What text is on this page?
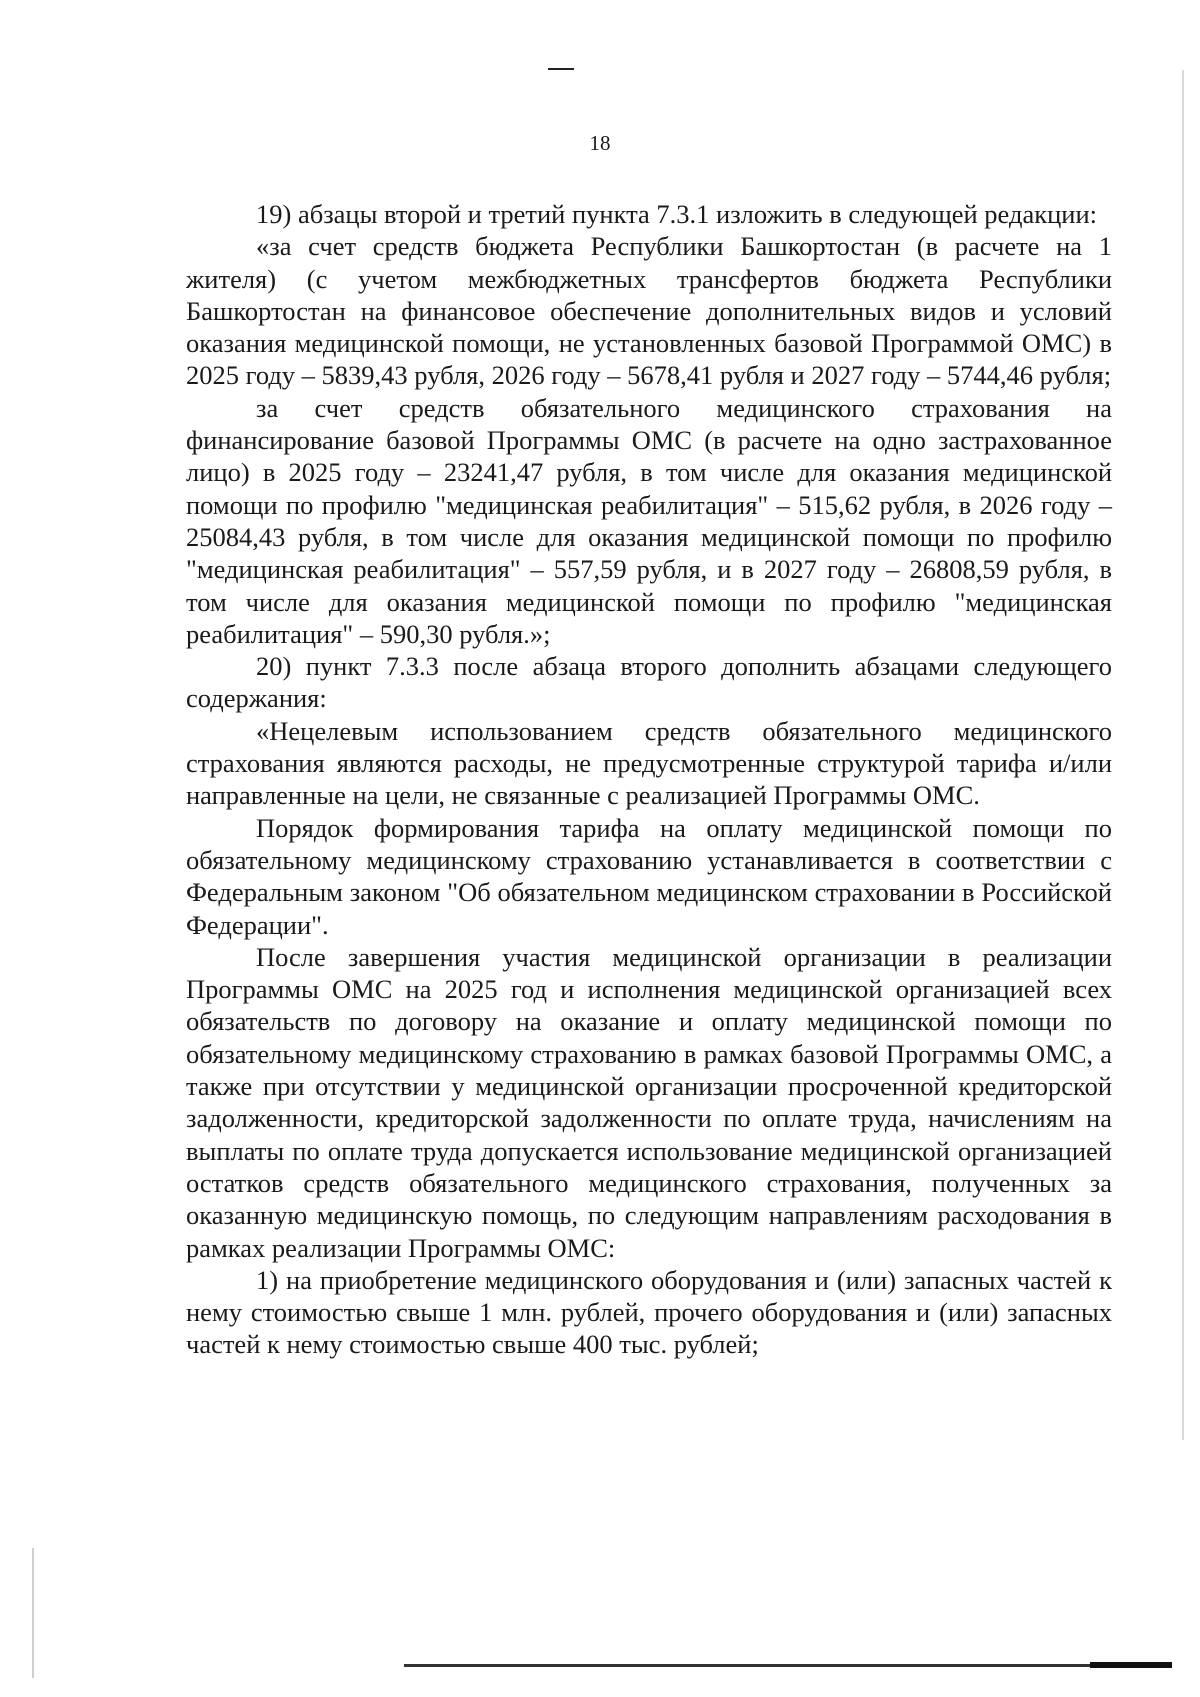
18

19) абзацы второй и третий пункта 7.3.1 изложить в следующей редакции:

«за счет средств бюджета Республики Башкортостан (в расчете на 1 жителя) (с учетом межбюджетных трансфертов бюджета Республики Башкортостан на финансовое обеспечение дополнительных видов и условий оказания медицинской помощи, не установленных базовой Программой ОМС) в 2025 году – 5839,43 рубля, 2026 году – 5678,41 рубля и 2027 году – 5744,46 рубля;

за счет средств обязательного медицинского страхования на финансирование базовой Программы ОМС (в расчете на одно застрахованное лицо) в 2025 году – 23241,47 рубля, в том числе для оказания медицинской помощи по профилю "медицинская реабилитация" – 515,62 рубля, в 2026 году – 25084,43 рубля, в том числе для оказания медицинской помощи по профилю "медицинская реабилитация" – 557,59 рубля, и в 2027 году – 26808,59 рубля, в том числе для оказания медицинской помощи по профилю "медицинская реабилитация" – 590,30 рубля.»;

20) пункт 7.3.3 после абзаца второго дополнить абзацами следующего содержания:

«Нецелевым использованием средств обязательного медицинского страхования являются расходы, не предусмотренные структурой тарифа и/или направленные на цели, не связанные с реализацией Программы ОМС.

Порядок формирования тарифа на оплату медицинской помощи по обязательному медицинскому страхованию устанавливается в соответствии с Федеральным законом "Об обязательном медицинском страховании в Российской Федерации".

После завершения участия медицинской организации в реализации Программы ОМС на 2025 год и исполнения медицинской организацией всех обязательств по договору на оказание и оплату медицинской помощи по обязательному медицинскому страхованию в рамках базовой Программы ОМС, а также при отсутствии у медицинской организации просроченной кредиторской задолженности, кредиторской задолженности по оплате труда, начислениям на выплаты по оплате труда допускается использование медицинской организацией остатков средств обязательного медицинского страхования, полученных за оказанную медицинскую помощь, по следующим направлениям расходования в рамках реализации Программы ОМС:

1) на приобретение медицинского оборудования и (или) запасных частей к нему стоимостью свыше 1 млн. рублей, прочего оборудования и (или) запасных частей к нему стоимостью свыше 400 тыс. рублей;
